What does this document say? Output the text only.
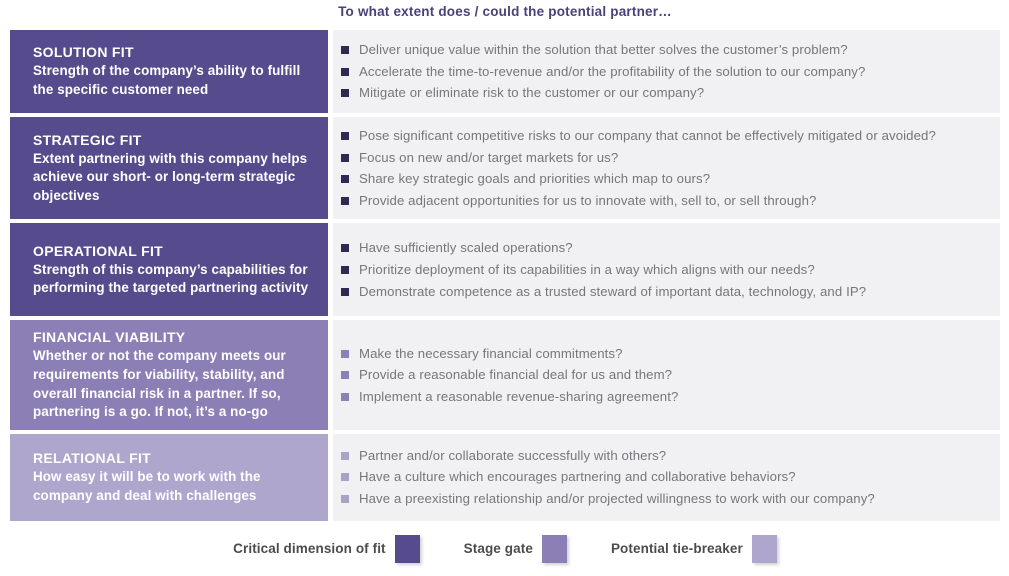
To what extent does / could the potential partner…
SOLUTION FIT

Strength of the company’s ability to fulfill the specific customer need

Deliver unique value within the solution that better solves the customer’s problem?
Accelerate the time-to-revenue and/or the profitability of the solution to our company?
Mitigate or eliminate risk to the customer or our company?
STRATEGIC FIT

Extent partnering with this company helps achieve our short- or long-term strategic objectives

Pose significant competitive risks to our company that cannot be effectively mitigated or avoided?
Focus on new and/or target markets for us?
Share key strategic goals and priorities which map to ours?
Provide adjacent opportunities for us to innovate with, sell to, or sell through?
OPERATIONAL FIT

Strength of this company’s capabilities for performing the targeted partnering activity

Have sufficiently scaled operations?
Prioritize deployment of its capabilities in a way which aligns with our needs?
Demonstrate competence as a trusted steward of important data, technology, and IP?
FINANCIAL VIABILITY

Whether or not the company meets our requirements for viability, stability, and overall financial risk in a partner. If so, partnering is a go. If not, it’s a no-go

Make the necessary financial commitments?
Provide a reasonable financial deal for us and them?
Implement a reasonable revenue-sharing agreement?
RELATIONAL FIT

How easy it will be to work with the company and deal with challenges

Partner and/or collaborate successfully with others?
Have a culture which encourages partnering and collaborative behaviors?
Have a preexisting relationship and/or projected willingness to work with our company?
Critical dimension of fit	Stage gate	Potential tie-breaker
